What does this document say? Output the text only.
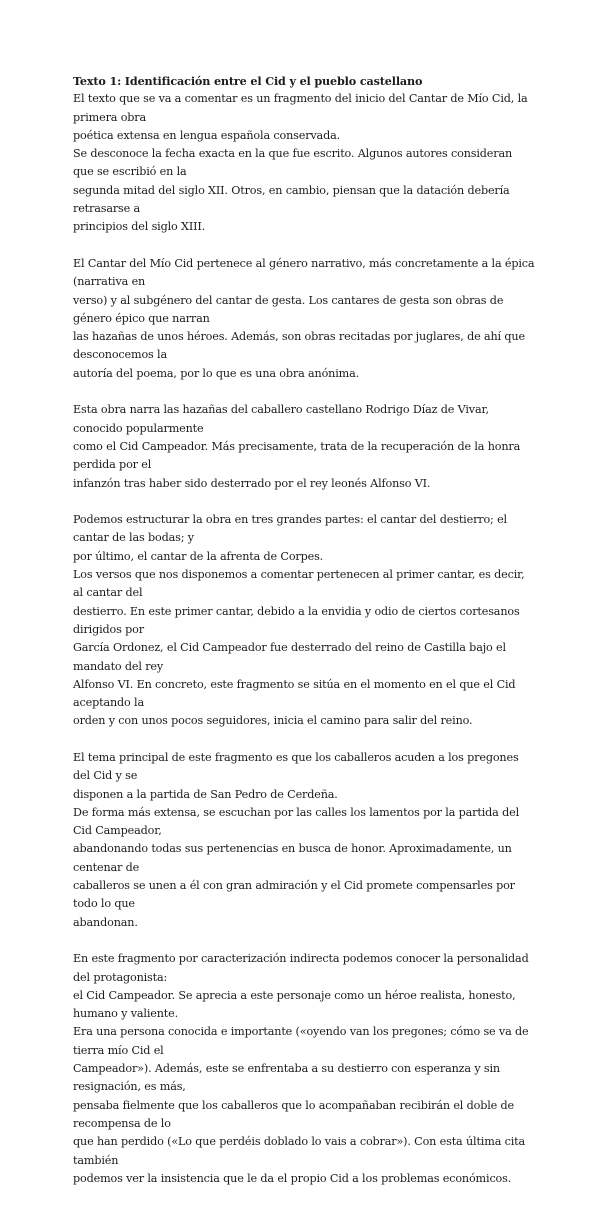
Texto 1: Identificación entre el Cid y el pueblo castellano

El texto que se va a comentar es un fragmento del inicio del Cantar de Mío Cid, la primera obra
poética extensa en lengua española conservada.
Se desconoce la fecha exacta en la que fue escrito. Algunos autores consideran que se escribió en la
segunda mitad del siglo XII. Otros, en cambio, piensan que la datación debería retrasarse a
principios del siglo XIII.

El Cantar del Mío Cid pertenece al género narrativo, más concretamente a la épica (narrativa en
verso) y al subgénero del cantar de gesta. Los cantares de gesta son obras de género épico que narran
las hazañas de unos héroes. Además, son obras recitadas por juglares, de ahí que desconocemos la
autoría del poema, por lo que es una obra anónima.

Esta obra narra las hazañas del caballero castellano Rodrigo Díaz de Vivar, conocido popularmente
como el Cid Campeador. Más precisamente, trata de la recuperación de la honra perdida por el
infanzón tras haber sido desterrado por el rey leonés Alfonso VI.

Podemos estructurar la obra en tres grandes partes: el cantar del destierro; el cantar de las bodas; y
por último, el cantar de la afrenta de Corpes.
Los versos que nos disponemos a comentar pertenecen al primer cantar, es decir, al cantar del
destierro. En este primer cantar, debido a la envidia y odio de ciertos cortesanos dirigidos por
García Ordonez, el Cid Campeador fue desterrado del reino de Castilla bajo el mandato del rey
Alfonso VI. En concreto, este fragmento se sitúa en el momento en el que el Cid aceptando la
orden y con unos pocos seguidores, inicia el camino para salir del reino.

El tema principal de este fragmento es que los caballeros acuden a los pregones del Cid y se
disponen a la partida de San Pedro de Cerdeña.
De forma más extensa, se escuchan por las calles los lamentos por la partida del Cid Campeador,
abandonando todas sus pertenencias en busca de honor. Aproximadamente, un centenar de
caballeros se unen a él con gran admiración y el Cid promete compensarles por todo lo que
abandonan.

En este fragmento por caracterización indirecta podemos conocer la personalidad del protagonista:
el Cid Campeador. Se aprecia a este personaje como un héroe realista, honesto, humano y valiente.
Era una persona conocida e importante («oyendo van los pregones; cómo se va de tierra mío Cid el
Campeador»). Además, este se enfrentaba a su destierro con esperanza y sin resignación, es más,
pensaba fielmente que los caballeros que lo acompañaban recibirán el doble de recompensa de lo
que han perdido («Lo que perdéis doblado lo vais a cobrar»). Con esta última cita también
podemos ver la insistencia que le da el propio Cid a los problemas económicos.
